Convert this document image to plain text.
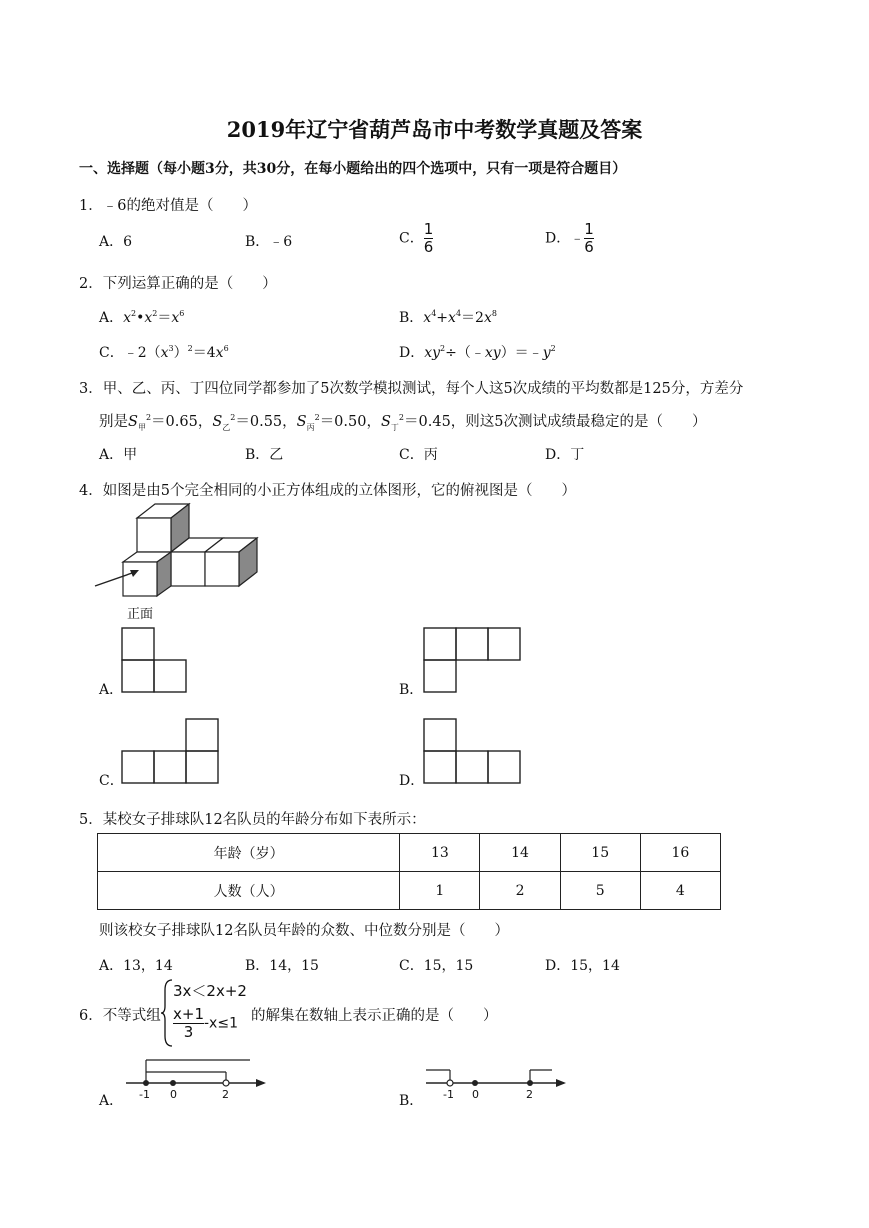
2019年辽宁省葫芦岛市中考数学真题及答案
一、选择题（每小题3分，共30分，在每小题给出的四个选项中，只有一项是符合题目）
1．﹣6的绝对值是（　　）
A．6	B．﹣6	C． $\frac{1}{6}$	D．﹣ $\frac{1}{6}$
2．下列运算正确的是（　　）
A．$x^2•x^2=x^6$	B．$x^4+x^4=2x^8$
C．$﹣2(x^3)^2=4x^6$	D．$xy^2\div(﹣xy)=﹣y^2$
3．甲、乙、丙、丁四位同学都参加了5次数学模拟测试，每个人这5次成绩的平均数都是125分，方差分
别是$S_甲^2=0.65$，$S_乙^2=0.55$，$S_丙^2=0.50$，$S_丁^2=0.45$，则这5次测试成绩最稳定的是（　　）
A．甲	B．乙	C．丙	D．丁
4．如图是由5个完全相同的小正方体组成的立体图形，它的俯视图是（　　）
正面
A．	B．
C．	D．
5．某校女子排球队12名队员的年龄分布如下表所示：
年龄（岁）	13	14	15	16
人数（人）	1	2	5	4
则该校女子排球队12名队员年龄的众数、中位数分别是（　　）
A．13，14	B．14，15	C．15，15	D．15，14
6．不等式组
3x＜2x+2
$\frac{x+1}{3} -x\le 1$ 的解集在数轴上表示正确的是（　　）
A． -1 0	2	B． -1 0	2
